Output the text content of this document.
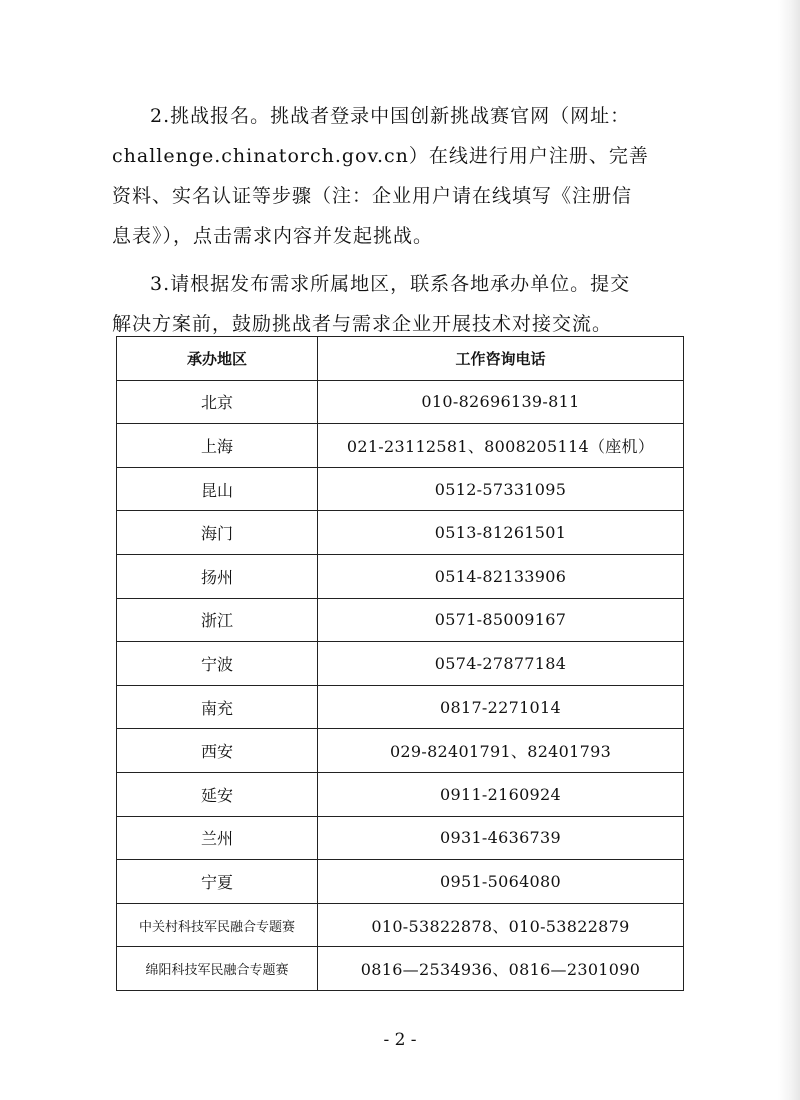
2.挑战报名。挑战者登录中国创新挑战赛官网（网址：
challenge.chinatorch.gov.cn）在线进行用户注册、完善
资料、实名认证等步骤（注：企业用户请在线填写《注册信
息表》），点击需求内容并发起挑战。
3.请根据发布需求所属地区，联系各地承办单位。提交
解决方案前，鼓励挑战者与需求企业开展技术对接交流。
承办地区	工作咨询电话
北京	010-82696139-811
上海	021-23112581、8008205114（座机）
昆山	0512-57331095
海门	0513-81261501
扬州	0514-82133906
浙江	0571-85009167
宁波	0574-27877184
南充	0817-2271014
西安	029-82401791、82401793
延安	0911-2160924
兰州	0931-4636739
宁夏	0951-5064080
中关村科技军民融合专题赛	010-53822878、010-53822879
绵阳科技军民融合专题赛	0816—2534936、0816—2301090
- 2 -
